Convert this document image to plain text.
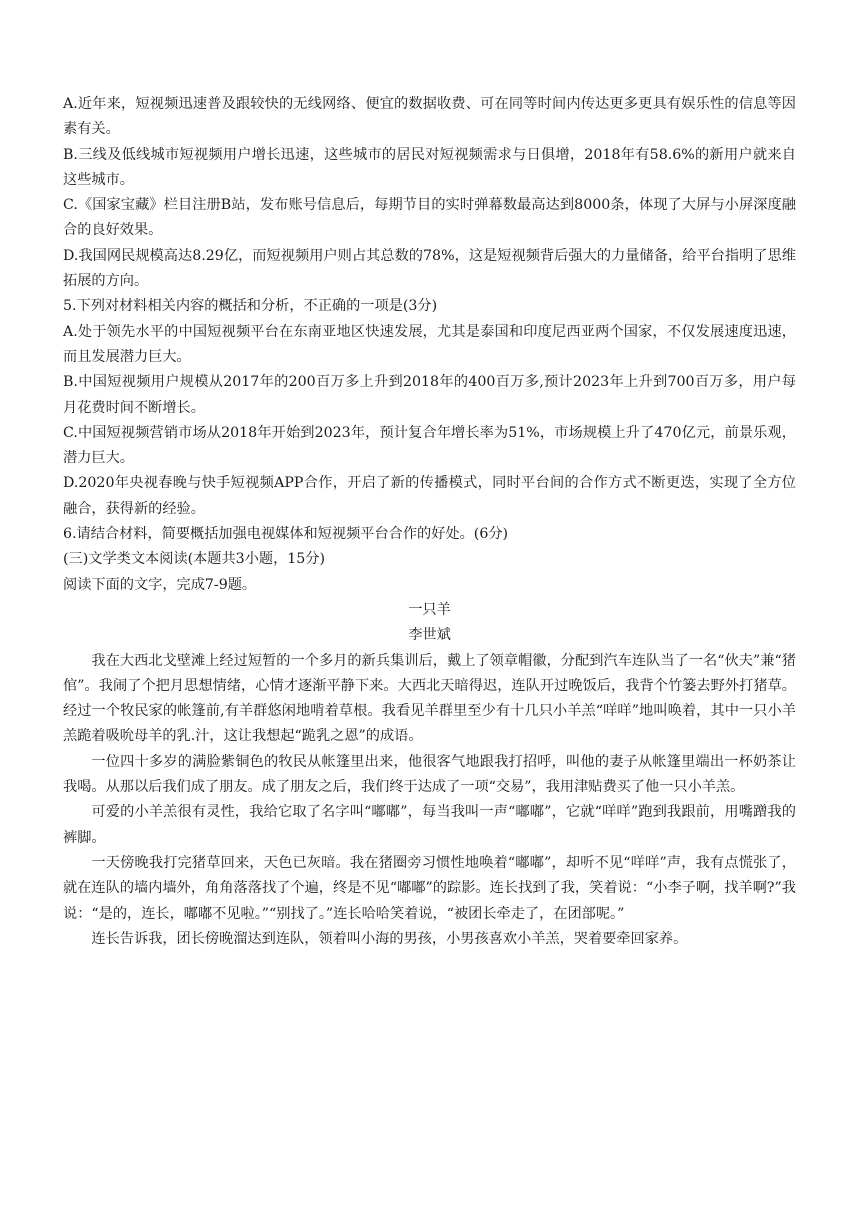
A.近年来，短视频迅速普及跟较快的无线网络、便宜的数据收费、可在同等时间内传达更多更具有娱乐性的信息等因素有关。

B.三线及低线城市短视频用户增长迅速，这些城市的居民对短视频需求与日俱增，2018年有58.6%的新用户就来自这些城市。

C.《国家宝藏》栏目注册B站，发布账号信息后，每期节目的实时弹幕数最高达到8000条，体现了大屏与小屏深度融合的良好效果。

D.我国网民规模高达8.29亿，而短视频用户则占其总数的78%，这是短视频背后强大的力量储备，给平台指明了思维拓展的方向。

5.下列对材料相关内容的概括和分析，不正确的一项是(3分)

A.处于领先水平的中国短视频平台在东南亚地区快速发展，尤其是泰国和印度尼西亚两个国家，不仅发展速度迅速，而且发展潜力巨大。

B.中国短视频用户规模从2017年的200百万多上升到2018年的400百万多,预计2023年上升到700百万多，用户每月花费时间不断增长。

C.中国短视频营销市场从2018年开始到2023年，预计复合年增长率为51%，市场规模上升了470亿元，前景乐观，潜力巨大。

D.2020年央视春晚与快手短视频APP合作，开启了新的传播模式，同时平台间的合作方式不断更迭，实现了全方位融合，获得新的经验。

6.请结合材料，简要概括加强电视媒体和短视频平台合作的好处。(6分)

(三)文学类文本阅读(本题共3小题，15分)

阅读下面的文字，完成7-9题。

一只羊

李世斌

我在大西北戈壁滩上经过短暂的一个多月的新兵集训后，戴上了领章帽徽，分配到汽车连队当了一名“伙夫”兼“猪倌”。我闹了个把月思想情绪，心情才逐渐平静下来。大西北天暗得迟，连队开过晚饭后，我背个竹篓去野外打猪草。经过一个牧民家的帐篷前,有羊群悠闲地啃着草根。我看见羊群里至少有十几只小羊羔“咩咩”地叫唤着，其中一只小羊羔跪着吸吮母羊的乳.汁，这让我想起“跪乳之恩”的成语。

一位四十多岁的满脸紫铜色的牧民从帐篷里出来，他很客气地跟我打招呼，叫他的妻子从帐篷里端出一杯奶茶让我喝。从那以后我们成了朋友。成了朋友之后，我们终于达成了一项“交易”，我用津贴费买了他一只小羊羔。

可爱的小羊羔很有灵性，我给它取了名字叫“嘟嘟”，每当我叫一声“嘟嘟”，它就“咩咩”跑到我跟前，用嘴蹭我的裤脚。

一天傍晚我打完猪草回来，天色已灰暗。我在猪圈旁习惯性地唤着“嘟嘟”，却听不见“咩咩”声，我有点慌张了，就在连队的墙内墙外，角角落落找了个遍，终是不见“嘟嘟”的踪影。连长找到了我，笑着说：“小李子啊，找羊啊?”我说：“是的，连长，嘟嘟不见啦。”“别找了。”连长哈哈笑着说，“被团长牵走了，在团部呢。”

连长告诉我，团长傍晚溜达到连队，领着叫小海的男孩，小男孩喜欢小羊羔，哭着要牵回家养。
